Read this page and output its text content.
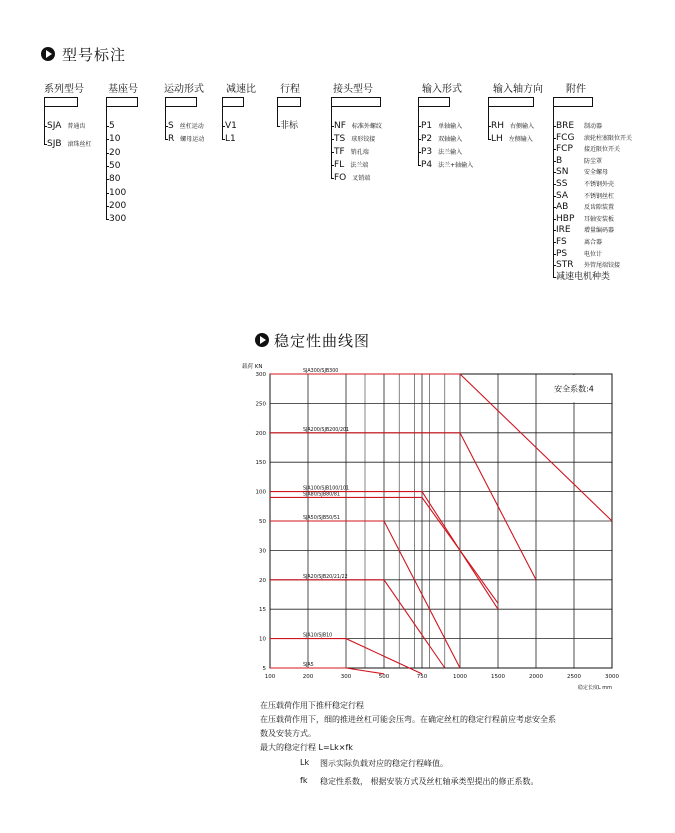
型号标注
系列型号
SJA 普通齿
SJB 滚珠丝杠
基座号
5
10
20
50
80
100
200
300
运动形式
S 丝杠运动
R 螺母运动
减速比
V1
L1
行程
非标
接头型号
NF 标准外螺纹
TS 球形铰接
TF 销孔端
FL 法兰端
FO 叉销端
输入形式
P1 单轴输入
P2 双轴输入
P3 法兰输入
P4 法兰+轴输入
输入轴方向
RH 右侧输入
LH 左侧输入
附件
BRE 制动器
FCG 滚轮柱塞限位开关
FCP 接近限位开关
B	防尘罩
SN	安全螺母
SS	不锈钢外壳
SA	不锈钢丝杠
AB	反齿隙装置
HBP 耳轴安装板
IRE 增量编码器
FS	离合器
PS	电位计
STR 外管尾端铰接
减速电机种类
稳定性曲线图
100	200	300	500	750	1000	1500	2000	2500	3000
5
10
15
20
30
50
100
150
200
250
300
载荷 KN
稳定长度L mm
安全系数:4
SJA300/SJB300
SJA200/SJB200/201
SJA100/SJB100/101
SJA80/SJB80/81
SJA50/SJB50/51
SJA20/SJB20/21/22
SJA10/SJB10
SJA5
在压载荷作用下推杆稳定行程
在压载荷作用下，细的推进丝杠可能会压弯。在确定丝杠的稳定行程前应考虑安全系
数及安装方式。
最大的稳定行程 L=Lk×fk
Lk 图示实际负载对应的稳定行程峰值。
fk 稳定性系数， 根据安装方式及丝杠轴承类型提出的修正系数。
